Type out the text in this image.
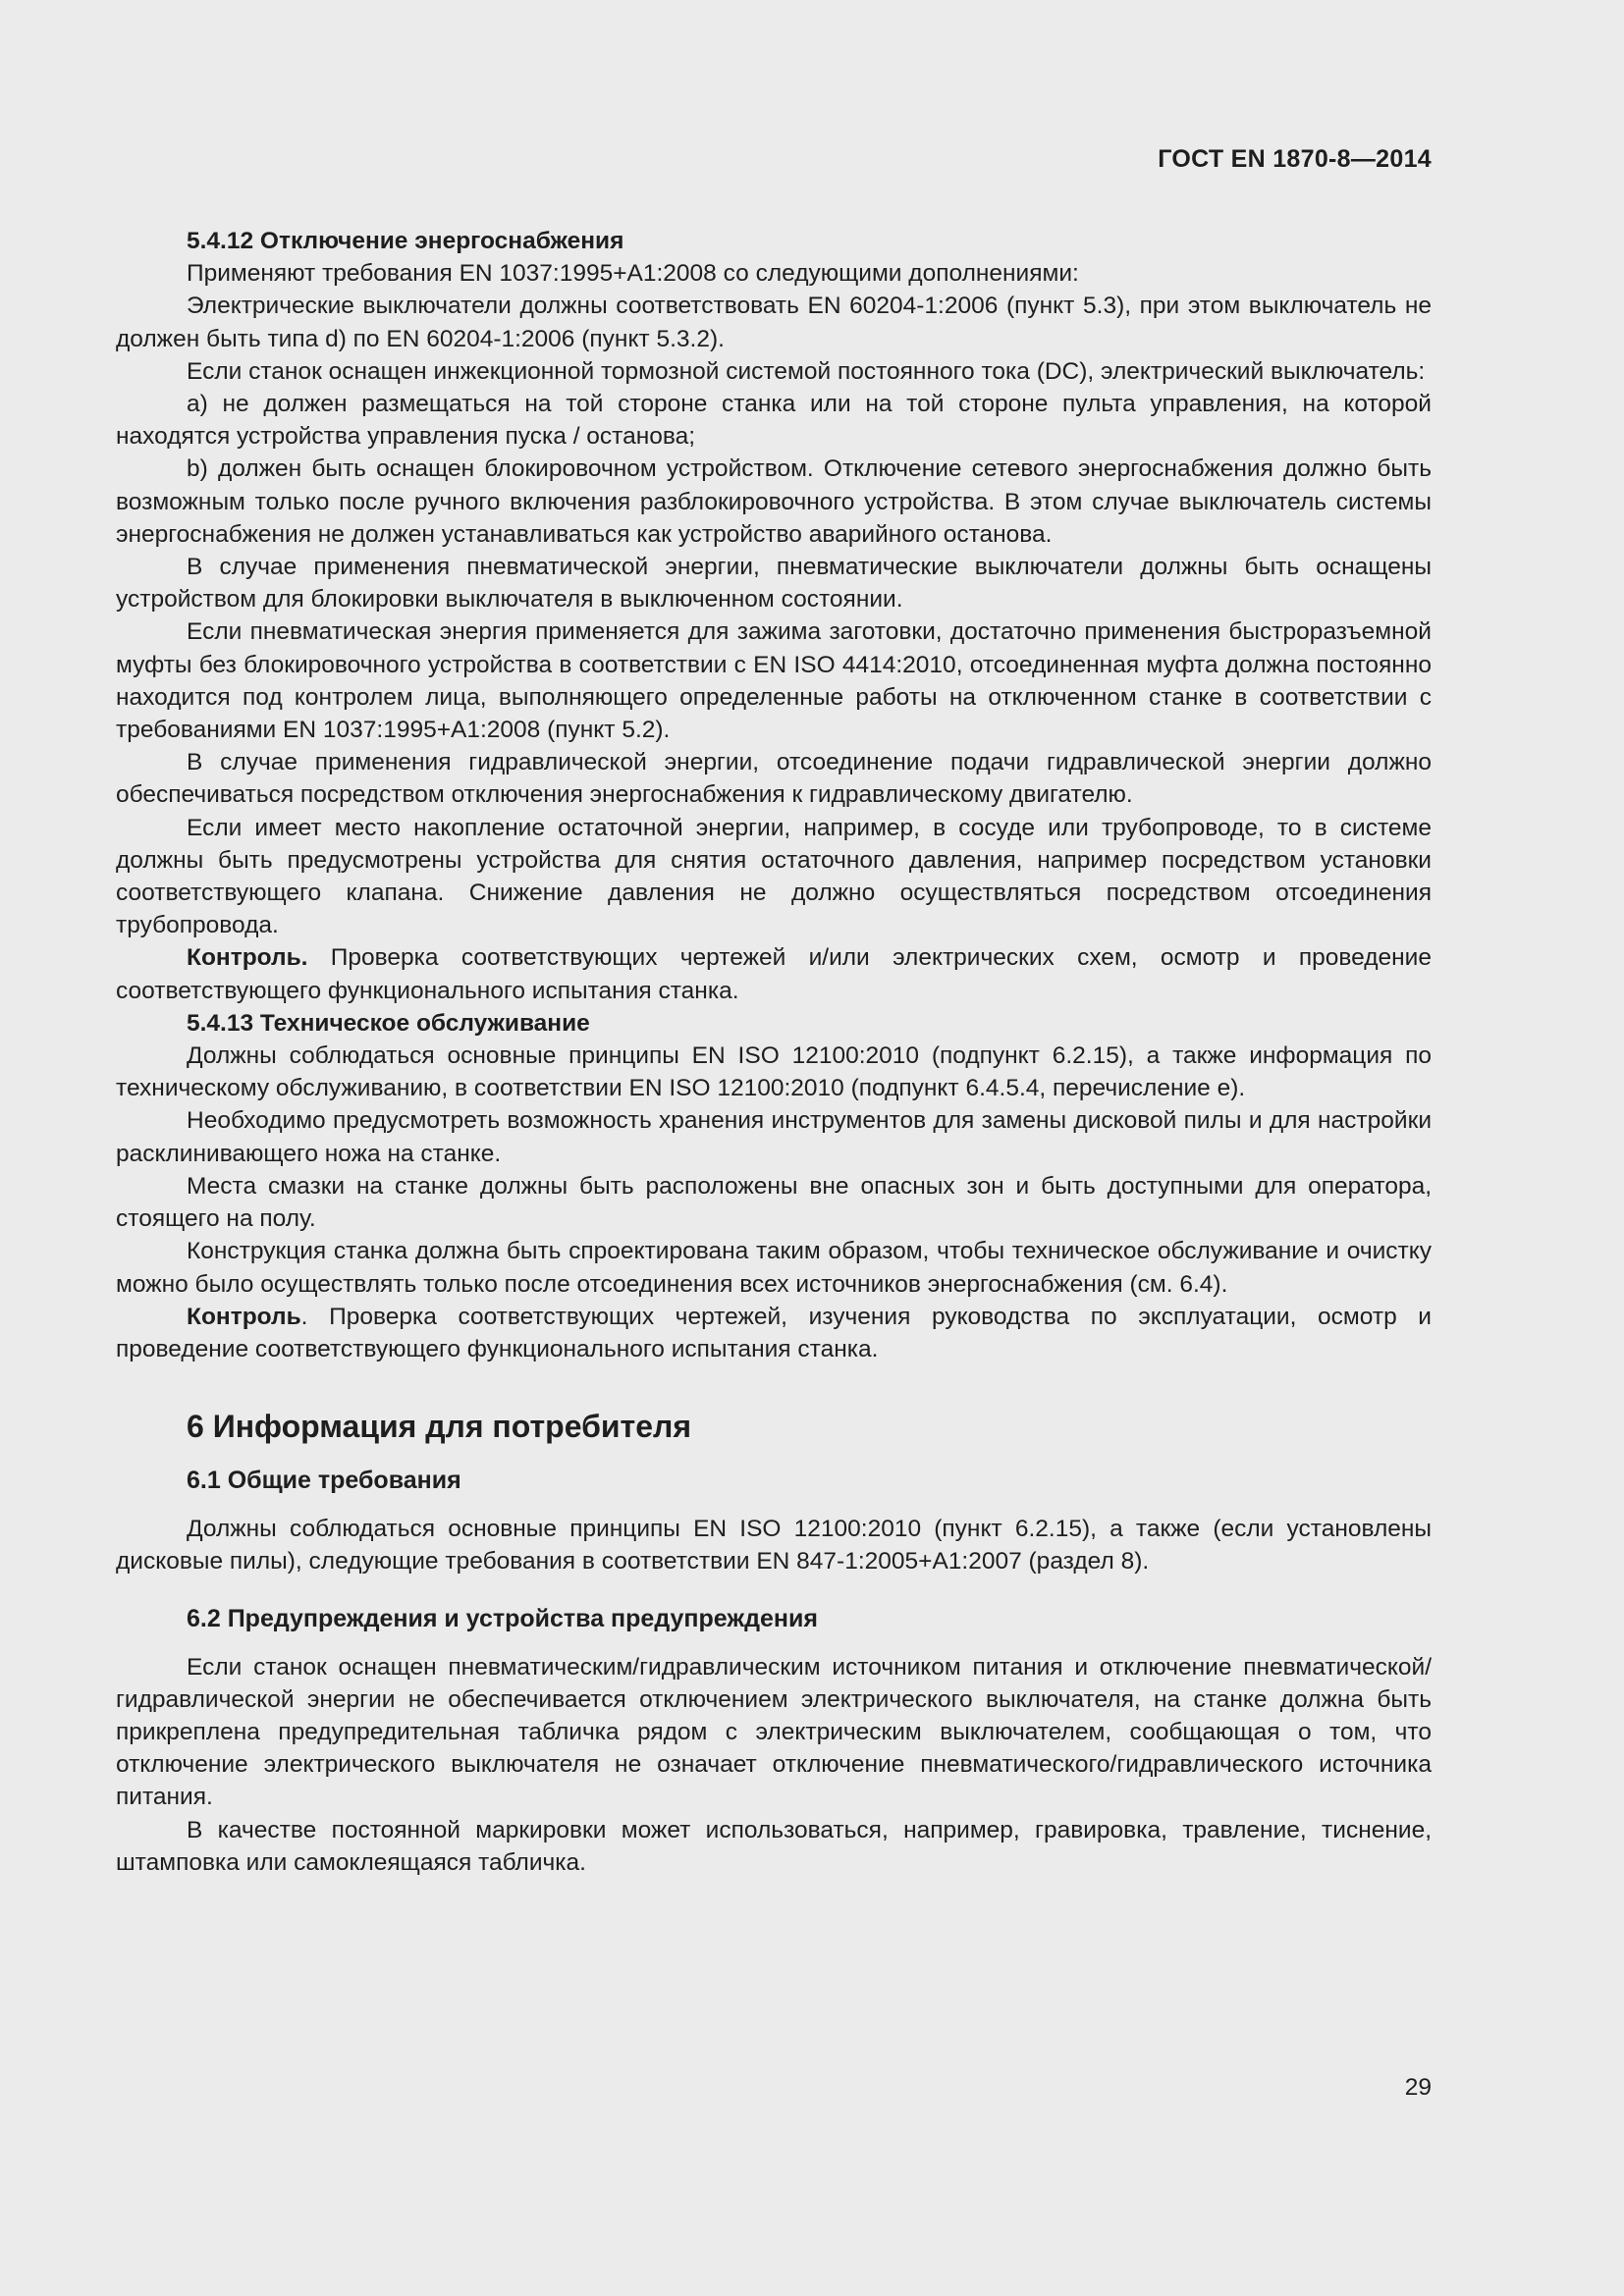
ГОСТ EN 1870-8—2014
5.4.12 Отключение энергоснабжения

Применяют требования EN 1037:1995+A1:2008 со следующими дополнениями:

Электрические выключатели должны соответствовать EN 60204-1:2006 (пункт 5.3), при этом выключатель не должен быть типа d) по EN 60204-1:2006 (пункт 5.3.2).

Если станок оснащен инжекционной тормозной системой постоянного тока (DC), электрический выключатель:

a) не должен размещаться на той стороне станка или на той стороне пульта управления, на которой находятся устройства управления пуска / останова;

b) должен быть оснащен блокировочном устройством. Отключение сетевого энергоснабжения должно быть возможным только после ручного включения разблокировочного устройства. В этом случае выключатель системы энергоснабжения не должен устанавливаться как устройство аварийного останова.

В случае применения пневматической энергии, пневматические выключатели должны быть оснащены устройством для блокировки выключателя в выключенном состоянии.

Если пневматическая энергия применяется для зажима заготовки, достаточно применения быстроразъемной муфты без блокировочного устройства в соответствии с EN ISO 4414:2010, отсоединенная муфта должна постоянно находится под контролем лица, выполняющего определенные работы на отключенном станке в соответствии с требованиями EN 1037:1995+A1:2008 (пункт 5.2).

В случае применения гидравлической энергии, отсоединение подачи гидравлической энергии должно обеспечиваться посредством отключения энергоснабжения к гидравлическому двигателю.

Если имеет место накопление остаточной энергии, например, в сосуде или трубопроводе, то в системе должны быть предусмотрены устройства для снятия остаточного давления, например посредством установки соответствующего клапана. Снижение давления не должно осуществляться посредством отсоединения трубопровода.

Контроль. Проверка соответствующих чертежей и/или электрических схем, осмотр и проведение соответствующего функционального испытания станка.

5.4.13 Техническое обслуживание

Должны соблюдаться основные принципы EN ISO 12100:2010 (подпункт 6.2.15), а также информация по техническому обслуживанию, в соответствии EN ISO 12100:2010 (подпункт 6.4.5.4, перечисление e).

Необходимо предусмотреть возможность хранения инструментов для замены дисковой пилы и для настройки расклинивающего ножа на станке.

Места смазки на станке должны быть расположены вне опасных зон и быть доступными для оператора, стоящего на полу.

Конструкция станка должна быть спроектирована таким образом, чтобы техническое обслуживание и очистку можно было осуществлять только после отсоединения всех источников энергоснабжения (см. 6.4).

Контроль. Проверка соответствующих чертежей, изучения руководства по эксплуатации, осмотр и проведение соответствующего функционального испытания станка.

6 Информация для потребителя
6.1 Общие требования

Должны соблюдаться основные принципы EN ISO 12100:2010 (пункт 6.2.15), а также (если установлены дисковые пилы), следующие требования в соответствии EN 847-1:2005+A1:2007 (раздел 8).

6.2 Предупреждения и устройства предупреждения

Если станок оснащен пневматическим/гидравлическим источником питания и отключение пневматической/гидравлической энергии не обеспечивается отключением электрического выключателя, на станке должна быть прикреплена предупредительная табличка рядом с электрическим выключателем, сообщающая о том, что отключение электрического выключателя не означает отключение пневматического/гидравлического источника питания.

В качестве постоянной маркировки может использоваться, например, гравировка, травление, тиснение, штамповка или самоклеящаяся табличка.

29
